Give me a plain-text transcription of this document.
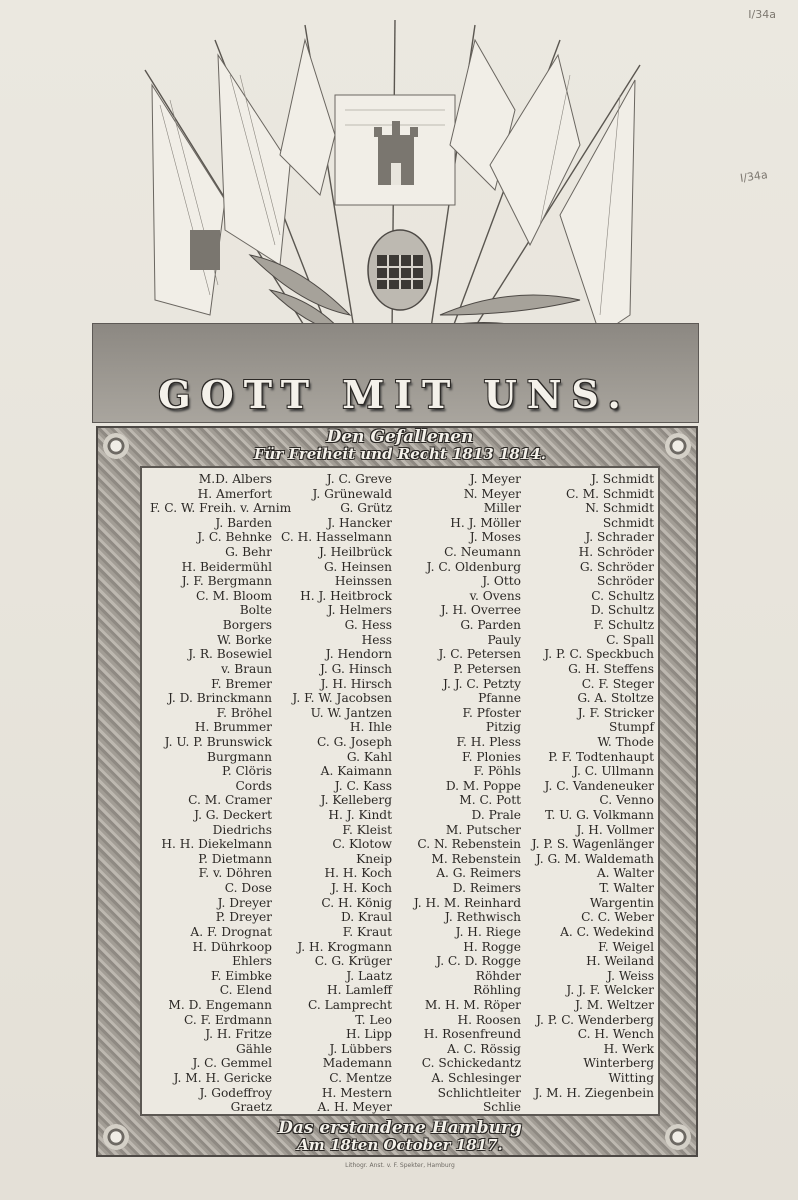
I/34a
I/34a
GOTT MIT UNS.
Den Gefallenen
Für Freiheit und Recht 1813 1814.
M.D. Albers
H. Amerfort
F. C. W. Freih. v. Arnim
J. Barden
J. C. Behnke
G. Behr
H. Beidermühl
J. F. Bergmann
C. M. Bloom
Bolte
Borgers
W. Borke
J. R. Bosewiel
v. Braun
F. Bremer
J. D. Brinckmann
F. Bröhel
H. Brummer
J. U. P. Brunswick
Burgmann
P. Clöris
Cords
C. M. Cramer
J. G. Deckert
Diedrichs
H. H. Diekelmann
P. Dietmann
F. v. Döhren
C. Dose
J. Dreyer
P. Dreyer
A. F. Drognat
H. Dührkoop
Ehlers
F. Eimbke
C. Elend
M. D. Engemann
C. F. Erdmann
J. H. Fritze
Gähle
J. C. Gemmel
J. M. H. Gericke
J. Godeffroy
Graetz
J. C. Greve
J. Grünewald
G. Grütz
J. Hancker
C. H. Hasselmann
J. Heilbrück
G. Heinsen
Heinssen
H. J. Heitbrock
J. Helmers
G. Hess
Hess
J. Hendorn
J. G. Hinsch
J. H. Hirsch
J. F. W. Jacobsen
U. W. Jantzen
H. Ihle
C. G. Joseph
G. Kahl
A. Kaimann
J. C. Kass
J. Kelleberg
H. J. Kindt
F. Kleist
C. Klotow
Kneip
H. H. Koch
J. H. Koch
C. H. König
D. Kraul
F. Kraut
J. H. Krogmann
C. G. Krüger
J. Laatz
H. Lamleff
C. Lamprecht
T. Leo
H. Lipp
J. Lübbers
Mademann
C. Mentze
H. Mestern
A. H. Meyer
J. Meyer
N. Meyer
Miller
H. J. Möller
J. Moses
C. Neumann
J. C. Oldenburg
J. Otto
v. Ovens
J. H. Overree
G. Parden
Pauly
J. C. Petersen
P. Petersen
J. J. C. Petzty
Pfanne
F. Pfoster
Pitzig
F. H. Pless
F. Plonies
F. Pöhls
D. M. Poppe
M. C. Pott
D. Prale
M. Putscher
C. N. Rebenstein
M. Rebenstein
A. G. Reimers
D. Reimers
J. H. M. Reinhard
J. Rethwisch
J. H. Riege
H. Rogge
J. C. D. Rogge
Röhder
Röhling
M. H. M. Röper
H. Roosen
H. Rosenfreund
A. C. Rössig
C. Schickedantz
A. Schlesinger
Schlichtleiter
Schlie
J. Schmidt
C. M. Schmidt
N. Schmidt
Schmidt
J. Schrader
H. Schröder
G. Schröder
Schröder
C. Schultz
D. Schultz
F. Schultz
C. Spall
J. P. C. Speckbuch
G. H. Steffens
C. F. Steger
G. A. Stoltze
J. F. Stricker
Stumpf
W. Thode
P. F. Todtenhaupt
J. C. Ullmann
J. C. Vandeneuker
C. Venno
T. U. G. Volkmann
J. H. Vollmer
J. P. S. Wagenlänger
J. G. M. Waldemath
A. Walter
T. Walter
Wargentin
C. C. Weber
A. C. Wedekind
F. Weigel
H. Weiland
J. Weiss
J. J. F. Welcker
J. M. Weltzer
J. P. C. Wenderberg
C. H. Wench
H. Werk
Winterberg
Witting
J. M. H. Ziegenbein
Das erstandene Hamburg
Am 18ten October 1817.
Lithogr. Anst. v. F. Spekter, Hamburg
